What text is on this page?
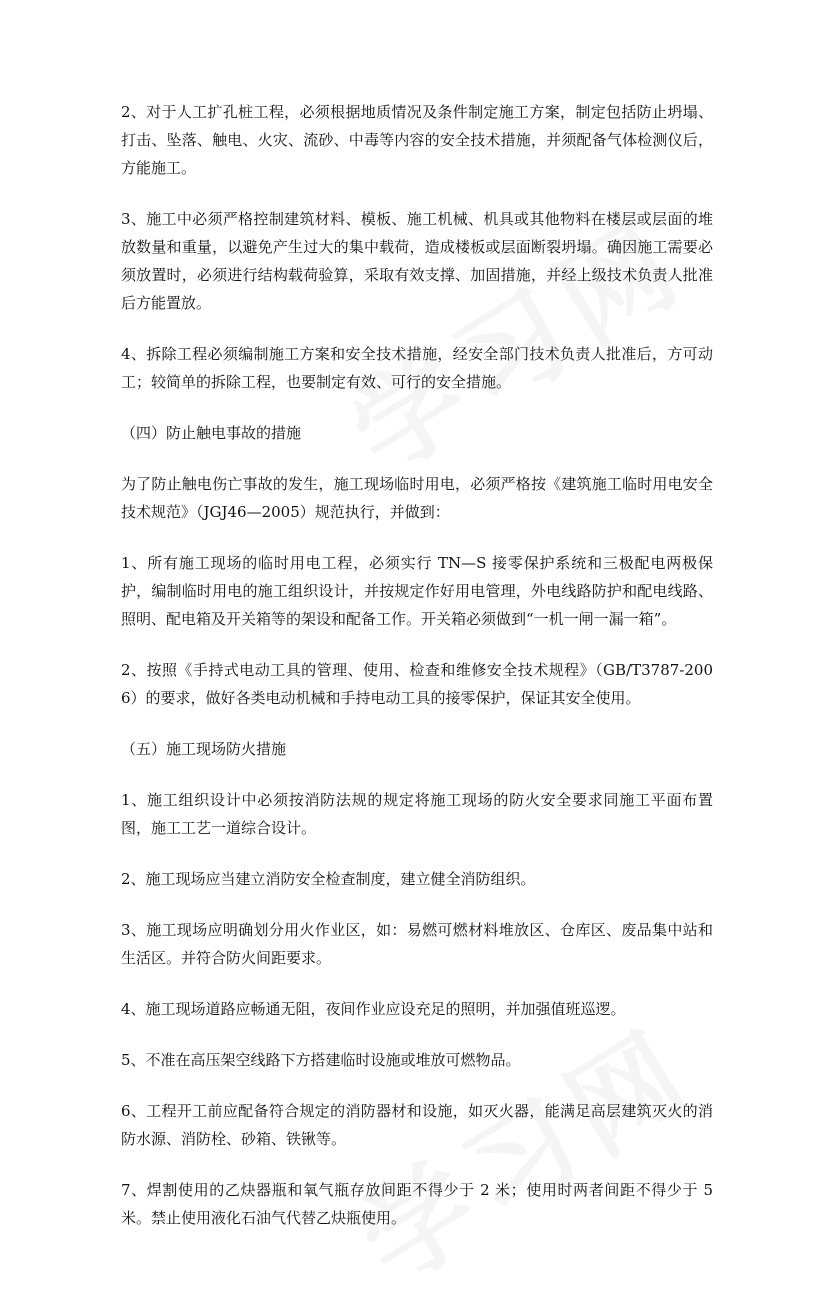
2、对于人工扩孔桩工程，必须根据地质情况及条件制定施工方案，制定包括防止坍塌、打击、坠落、触电、火灾、流砂、中毒等内容的安全技术措施，并须配备气体检测仪后，方能施工。

3、施工中必须严格控制建筑材料、模板、施工机械、机具或其他物料在楼层或层面的堆放数量和重量，以避免产生过大的集中载荷，造成楼板或层面断裂坍塌。确因施工需要必须放置时，必须进行结构载荷验算，采取有效支撑、加固措施，并经上级技术负责人批准后方能置放。

4、拆除工程必须编制施工方案和安全技术措施，经安全部门技术负责人批准后，方可动工；较简单的拆除工程，也要制定有效、可行的安全措施。

（四）防止触电事故的措施

为了防止触电伤亡事故的发生，施工现场临时用电，必须严格按《建筑施工临时用电安全技术规范》（JGJ46—2005）规范执行，并做到：

1、所有施工现场的临时用电工程，必须实行 TN—S 接零保护系统和三极配电两极保护，编制临时用电的施工组织设计，并按规定作好用电管理，外电线路防护和配电线路、照明、配电箱及开关箱等的架设和配备工作。开关箱必须做到“一机一闸一漏一箱”。

2、按照《手持式电动工具的管理、使用、检查和维修安全技术规程》（GB/T3787-2006）的要求，做好各类电动机械和手持电动工具的接零保护，保证其安全使用。

（五）施工现场防火措施

1、施工组织设计中必须按消防法规的规定将施工现场的防火安全要求同施工平面布置图，施工工艺一道综合设计。

2、施工现场应当建立消防安全检查制度，建立健全消防组织。

3、施工现场应明确划分用火作业区，如：易燃可燃材料堆放区、仓库区、废品集中站和生活区。并符合防火间距要求。

4、施工现场道路应畅通无阻，夜间作业应设充足的照明，并加强值班巡逻。

5、不准在高压架空线路下方搭建临时设施或堆放可燃物品。

6、工程开工前应配备符合规定的消防器材和设施，如灭火器，能满足高层建筑灭火的消防水源、消防栓、砂箱、铁锹等。

7、焊割使用的乙炔器瓶和氧气瓶存放间距不得少于 2 米；使用时两者间距不得少于 5 米。禁止使用液化石油气代替乙炔瓶使用。
